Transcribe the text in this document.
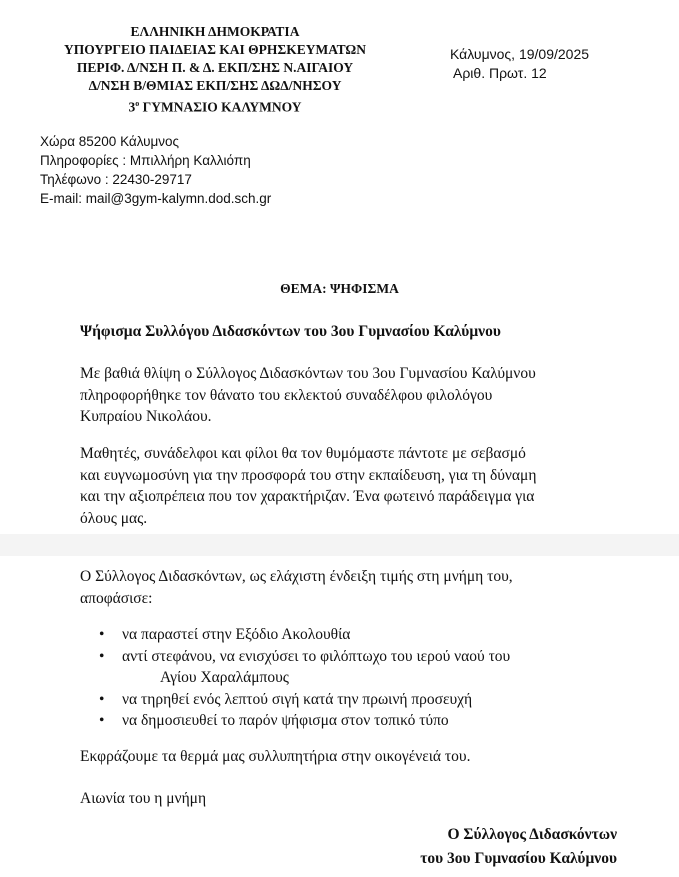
ΕΛΛΗΝΙΚΗ ΔΗΜΟΚΡΑΤΙΑ
ΥΠΟΥΡΓΕΙΟ ΠΑΙΔΕΙΑΣ ΚΑΙ ΘΡΗΣΚΕΥΜΑΤΩΝ
ΠΕΡΙΦ. Δ/ΝΣΗ Π. & Δ. ΕΚΠ/ΣΗΣ Ν.ΑΙΓΑΙΟΥ
Δ/ΝΣΗ Β/ΘΜΙΑΣ ΕΚΠ/ΣΗΣ ΔΩΔ/ΝΗΣΟΥ
$3^o$ ΓΥΜΝΑΣΙΟ ΚΑΛΥΜΝΟΥ
Κάλυμνος, 19/09/2025
Αριθ. Πρωτ. 12
Χώρα 85200 Κάλυμνος
Πληροφορίες : Μπιλλήρη Καλλιόπη
Τηλέφωνο : 22430-29717
E-mail: mail@3gym-kalymn.dod.sch.gr
ΘΕΜΑ: ΨΗΦΙΣΜΑ
Ψήφισμα Συλλόγου Διδασκόντων του 3ου Γυμνασίου Καλύμνου
Με βαθιά θλίψη ο Σύλλογος Διδασκόντων του 3ου Γυμνασίου Καλύμνου
πληροφορήθηκε τον θάνατο του εκλεκτού συναδέλφου φιλολόγου
Κυπραίου Νικολάου.
Μαθητές, συνάδελφοι και φίλοι θα τον θυμόμαστε πάντοτε με σεβασμό
και ευγνωμοσύνη για την προσφορά του στην εκπαίδευση, για τη δύναμη
και την αξιοπρέπεια που τον χαρακτήριζαν. Ένα φωτεινό παράδειγμα για
όλους μας.
Ο Σύλλογος Διδασκόντων, ως ελάχιστη ένδειξη τιμής στη μνήμη του,
αποφάσισε:
• να παραστεί στην Εξόδιο Ακολουθία
• αντί στεφάνου, να ενισχύσει το φιλόπτωχο του ιερού ναού του
Αγίου Χαραλάμπους
• να τηρηθεί ενός λεπτού σιγή κατά την πρωινή προσευχή
• να δημοσιευθεί το παρόν ψήφισμα στον τοπικό τύπο
Εκφράζουμε τα θερμά μας συλλυπητήρια στην οικογένειά του.
Αιωνία του η μνήμη
Ο Σύλλογος Διδασκόντων
του 3ου Γυμνασίου Καλύμνου
